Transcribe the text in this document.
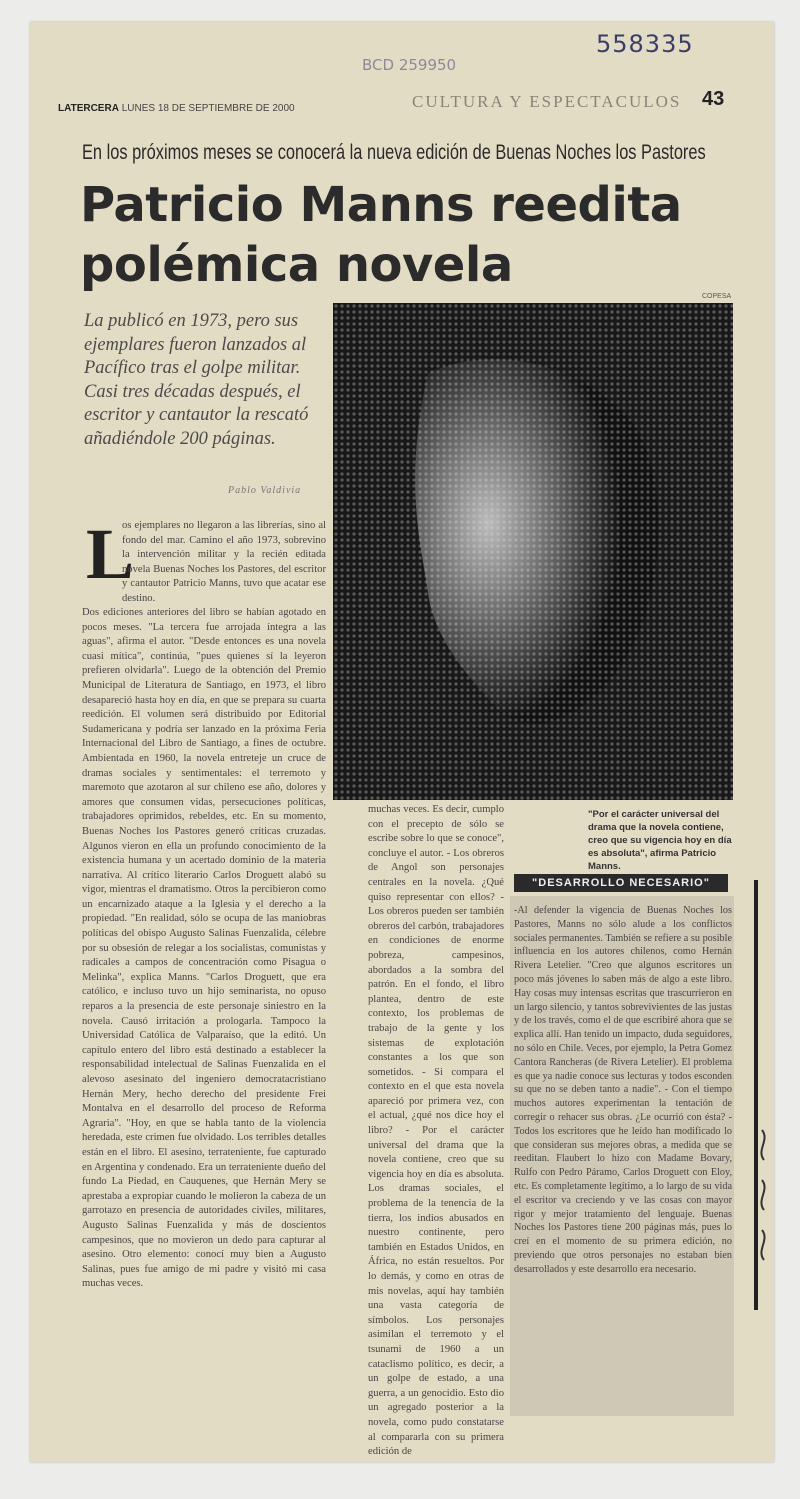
558335
BCD 259950
LATERCERA LUNES 18 DE SEPTIEMBRE DE 2000	CULTURA Y ESPECTACULOS 43
En los próximos meses se conocerá la nueva edición de Buenas Noches los Pastores
Patricio Manns reedita polémica novela
COPESA

La publicó en 1973, pero sus ejemplares fueron lanzados al Pacífico tras el golpe militar. Casi tres décadas después, el escritor y cantautor la rescató añadiéndole 200 páginas.

Pablo Valdivia
L

os ejemplares no llegaron a las librerías, sino al fondo del mar. Camino el año 1973, sobrevino la intervención militar y la recién editada novela Buenas Noches los Pastores, del escritor y cantautor Patricio Manns, tuvo que acatar ese destino.

Dos ediciones anteriores del libro se habían agotado en pocos meses. "La tercera fue arrojada íntegra a las aguas", afirma el autor. "Desde entonces es una novela cuasi mítica", continúa, "pues quienes sí la leyeron prefieren olvidarla". Luego de la obtención del Premio Municipal de Literatura de Santiago, en 1973, el libro desapareció hasta hoy en día, en que se prepara su cuarta reedición. El volumen será distribuido por Editorial Sudamericana y podría ser lanzado en la próxima Feria Internacional del Libro de Santiago, a fines de octubre. Ambientada en 1960, la novela entreteje un cruce de dramas sociales y sentimentales: el terremoto y maremoto que azotaron al sur chileno ese año, dolores y amores que consumen vidas, persecuciones políticas, trabajadores oprimidos, rebeldes, etc. En su momento, Buenas Noches los Pastores generó críticas cruzadas. Algunos vieron en ella un profundo conocimiento de la existencia humana y un acertado dominio de la materia narrativa. Al crítico literario Carlos Droguett alabó su vigor, mientras el dramatismo. Otros la percibieron como un encarnizado ataque a la Iglesia y el derecho a la propiedad. "En realidad, sólo se ocupa de las maniobras políticas del obispo Augusto Salinas Fuenzalida, célebre por su obsesión de relegar a los socialistas, comunistas y radicales a campos de concentración como Pisagua o Melinka", explica Manns. "Carlos Droguett, que era católico, e incluso tuvo un hijo seminarista, no opuso reparos a la presencia de este personaje siniestro en la novela. Causó irritación a prologarla. Tampoco la Universidad Católica de Valparaíso, que la editó. Un capítulo entero del libro está destinado a establecer la responsabilidad intelectual de Salinas Fuenzalida en el alevoso asesinato del ingeniero democratacristiano Hernán Mery, hecho derecho del presidente Frei Montalva en el desarrollo del proceso de Reforma Agraria". "Hoy, en que se habla tanto de la violencia heredada, este crimen fue olvidado. Los terribles detalles están en el libro. El asesino, terrateniente, fue capturado en Argentina y condenado. Era un terrateniente dueño del fundo La Piedad, en Cauquenes, que Hernán Mery se aprestaba a expropiar cuando le molieron la cabeza de un garrotazo en presencia de autoridades civiles, militares, Augusto Salinas Fuenzalida y más de doscientos campesinos, que no movieron un dedo para capturar al asesino. Otro elemento: conocí muy bien a Augusto Salinas, pues fue amigo de mi padre y visitó mi casa muchas veces.

muchas veces. Es decir, cumplo con el precepto de sólo se escribe sobre lo que se conoce", concluye el autor. - Los obreros de Angol son personajes centrales en la novela. ¿Qué quiso representar con ellos? - Los obreros pueden ser también obreros del carbón, trabajadores en condiciones de enorme pobreza, campesinos, abordados a la sombra del patrón. En el fondo, el libro plantea, dentro de este contexto, los problemas de trabajo de la gente y los sistemas de explotación constantes a los que son sometidos. - Si compara el contexto en el que esta novela apareció por primera vez, con el actual, ¿qué nos dice hoy el libro? - Por el carácter universal del drama que la novela contiene, creo que su vigencia hoy en día es absoluta. Los dramas sociales, el problema de la tenencia de la tierra, los indios abusados en nuestro continente, pero también en Estados Unidos, en África, no están resueltos. Por lo demás, y como en otras de mis novelas, aquí hay también una vasta categoría de símbolos. Los personajes asimilan el terremoto y el tsunami de 1960 a un cataclismo político, es decir, a un golpe de estado, a una guerra, a un genocidio. Esto dio un agregado posterior a la novela, como pudo constatarse al compararla con su primera edición de

"Por el carácter universal del drama que la novela contiene, creo que su vigencia hoy en día es absoluta", afirma Patricio Manns.

"DESARROLLO NECESARIO"

-Al defender la vigencia de Buenas Noches los Pastores, Manns no sólo alude a los conflictos sociales permanentes. También se refiere a su posible influencia en los autores chilenos, como Hernán Rivera Letelier. "Creo que algunos escritores un poco más jóvenes lo saben más de algo a este libro. Hay cosas muy intensas escritas que trascurrieron en un largo silencio, y tantos sobrevivientes de las justas y de los través, como el de que escribiré ahora que se explica allí. Han tenido un impacto, duda seguidores, no sólo en Chile. Veces, por ejemplo, la Petra Gomez Cantora Rancheras (de Rivera Letelier). El problema es que ya nadie conoce sus lecturas y todos esconden su que no se deben tanto a nadie". - Con el tiempo muchos autores experimentan la tentación de corregir o rehacer sus obras. ¿Le ocurrió con ésta? - Todos los escritores que he leído han modificado lo que consideran sus mejores obras, a medida que se reeditan. Flaubert lo hizo con Madame Bovary, Rulfo con Pedro Páramo, Carlos Droguett con Eloy, etc. Es completamente legítimo, a lo largo de su vida el escritor va creciendo y ve las cosas con mayor rigor y mejor tratamiento del lenguaje. Buenas Noches los Pastores tiene 200 páginas más, pues lo creí en el momento de su primera edición, no previendo que otros personajes no estaban bien desarrollados y este desarrollo era necesario.
